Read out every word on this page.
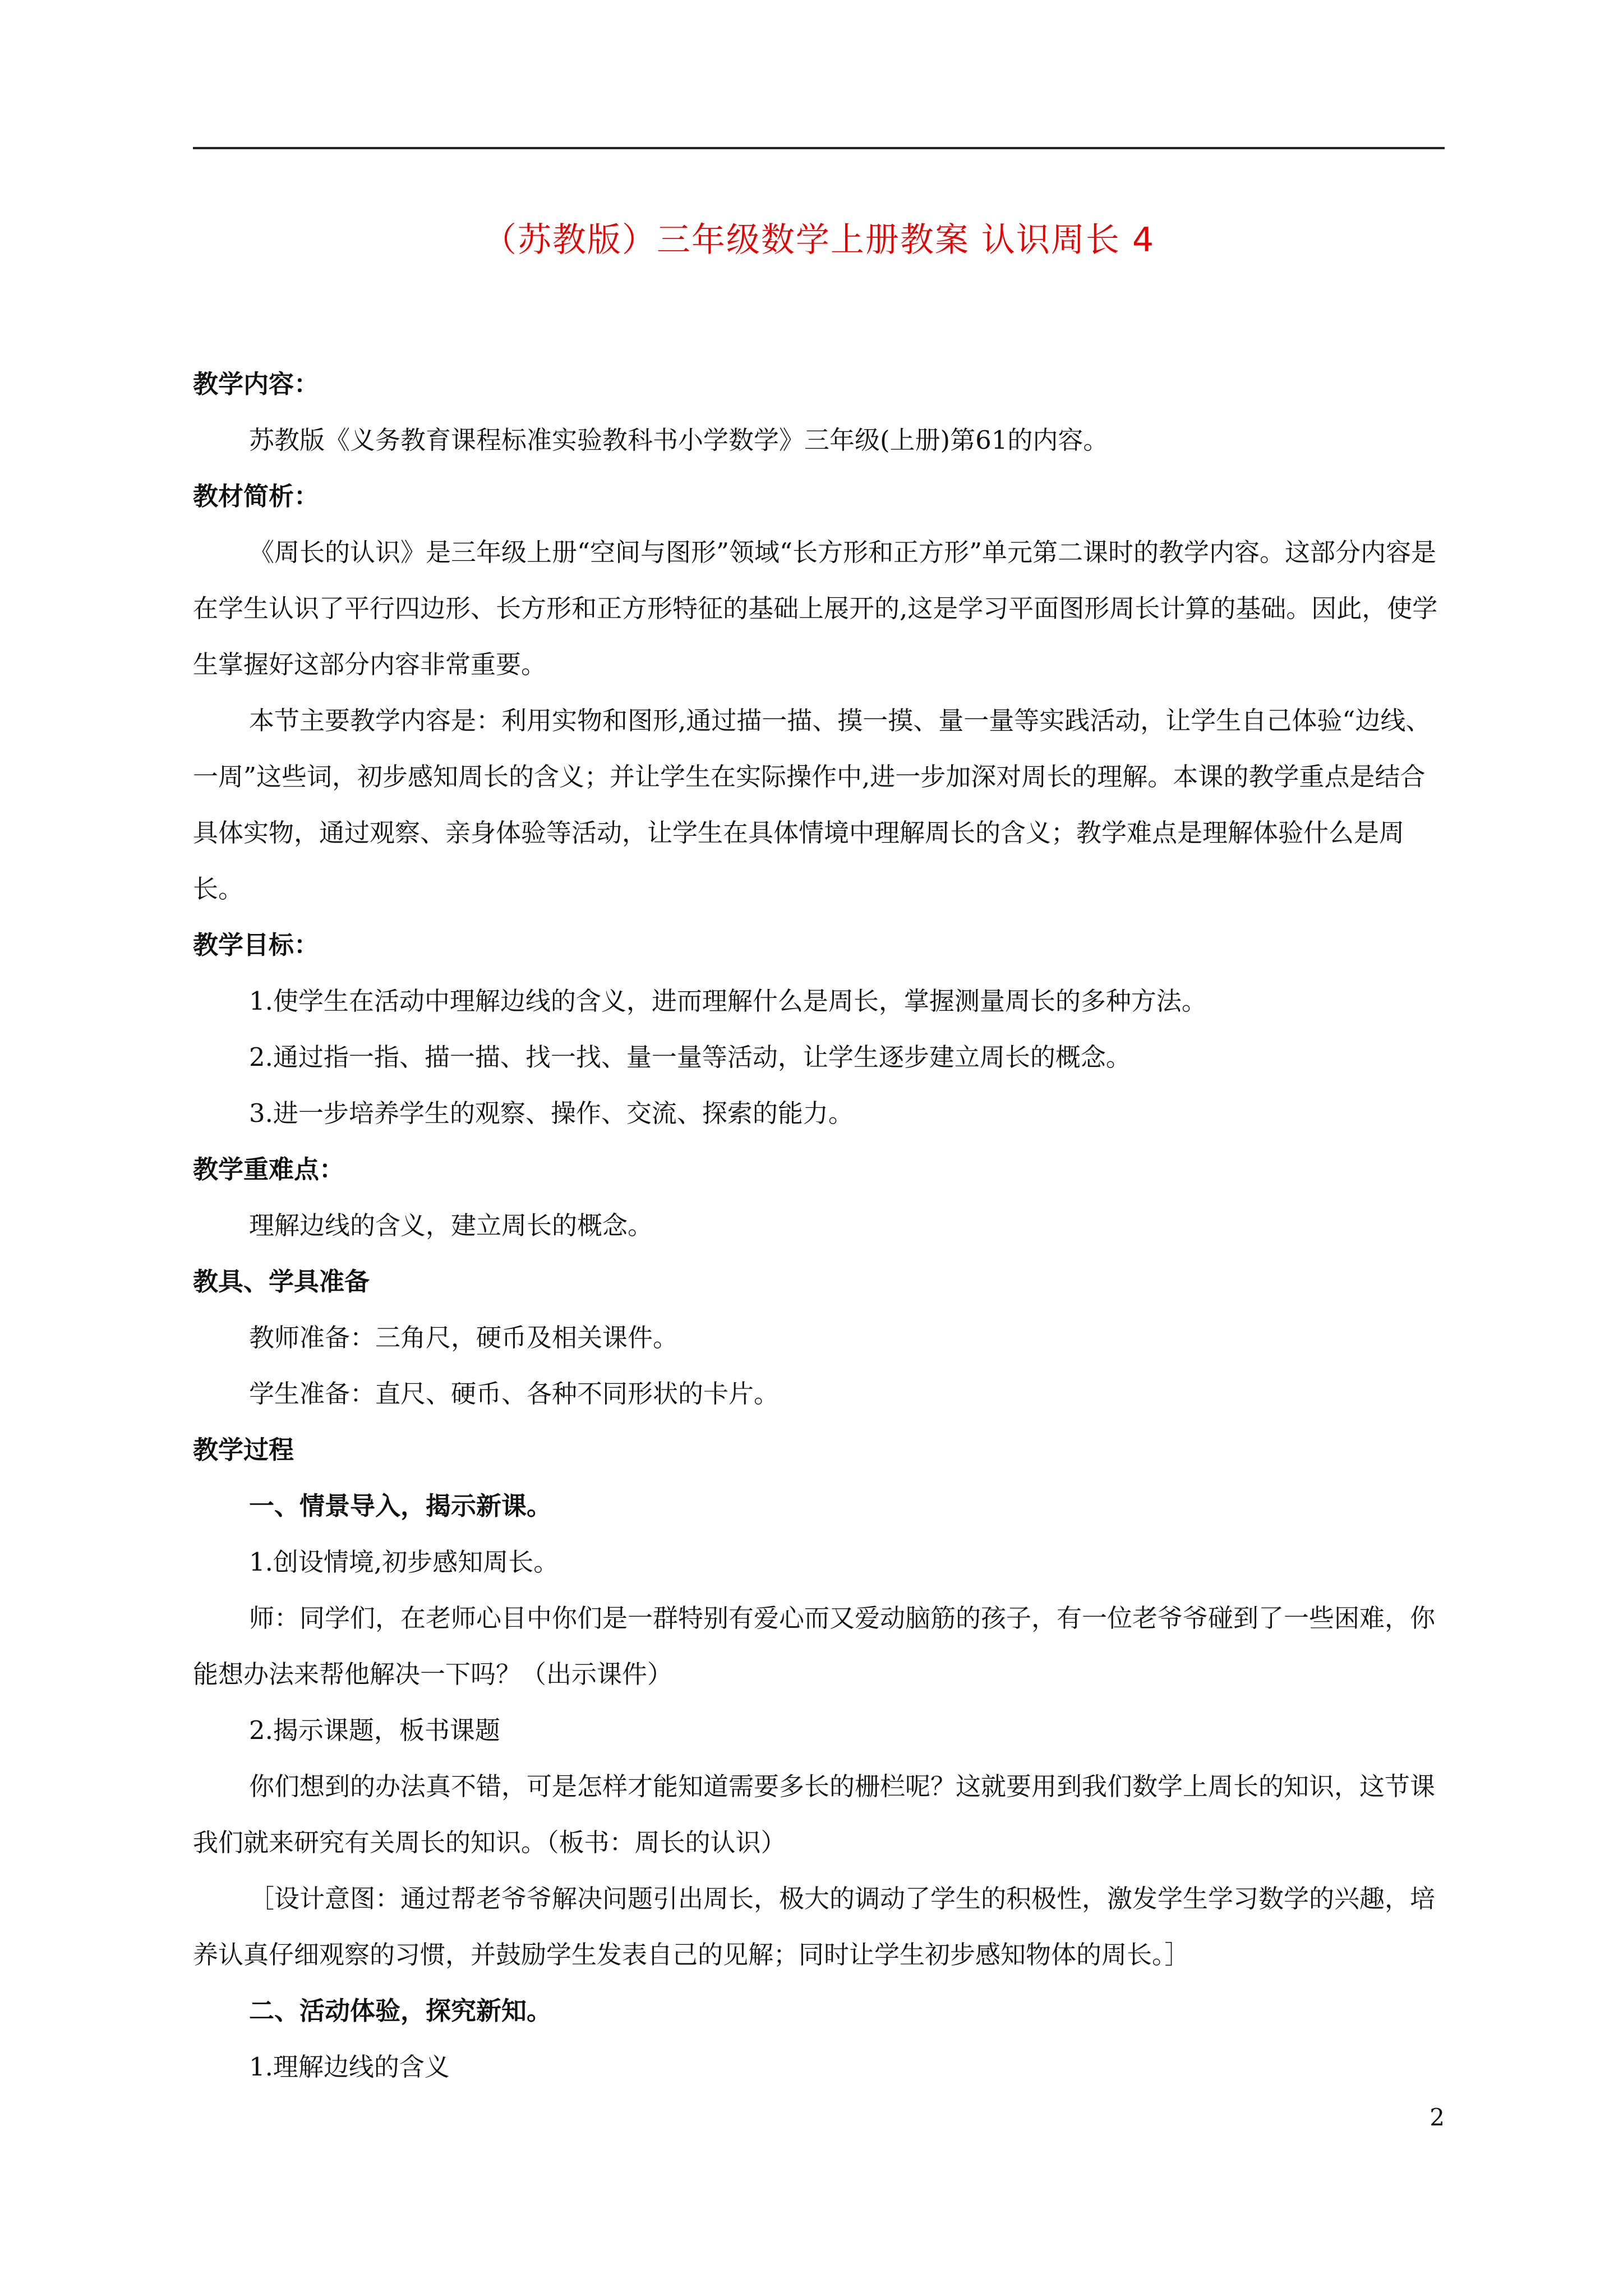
（苏教版）三年级数学上册教案 认识周长 4

教学内容：

苏教版《义务教育课程标准实验教科书小学数学》三年级(上册)第61的内容。

教材简析：

《周长的认识》是三年级上册“空间与图形”领域“长方形和正方形”单元第二课时的教学内容。这部分内容是在学生认识了平行四边形、长方形和正方形特征的基础上展开的,这是学习平面图形周长计算的基础。因此，使学生掌握好这部分内容非常重要。

本节主要教学内容是：利用实物和图形,通过描一描、摸一摸、量一量等实践活动，让学生自己体验“边线、一周”这些词，初步感知周长的含义；并让学生在实际操作中,进一步加深对周长的理解。本课的教学重点是结合具体实物，通过观察、亲身体验等活动，让学生在具体情境中理解周长的含义；教学难点是理解体验什么是周长。

教学目标：

1.使学生在活动中理解边线的含义，进而理解什么是周长，掌握测量周长的多种方法。

2.通过指一指、描一描、找一找、量一量等活动，让学生逐步建立周长的概念。

3.进一步培养学生的观察、操作、交流、探索的能力。

教学重难点：

理解边线的含义，建立周长的概念。

教具、学具准备

教师准备：三角尺，硬币及相关课件。

学生准备：直尺、硬币、各种不同形状的卡片。

教学过程

一、情景导入，揭示新课。

1.创设情境,初步感知周长。

师：同学们，在老师心目中你们是一群特别有爱心而又爱动脑筋的孩子，有一位老爷爷碰到了一些困难，你能想办法来帮他解决一下吗？（出示课件）

2.揭示课题，板书课题

你们想到的办法真不错，可是怎样才能知道需要多长的栅栏呢？这就要用到我们数学上周长的知识，这节课我们就来研究有关周长的知识。（板书：周长的认识）

［设计意图：通过帮老爷爷解决问题引出周长，极大的调动了学生的积极性，激发学生学习数学的兴趣，培养认真仔细观察的习惯，并鼓励学生发表自己的见解；同时让学生初步感知物体的周长。］

二、活动体验，探究新知。

1.理解边线的含义

2
